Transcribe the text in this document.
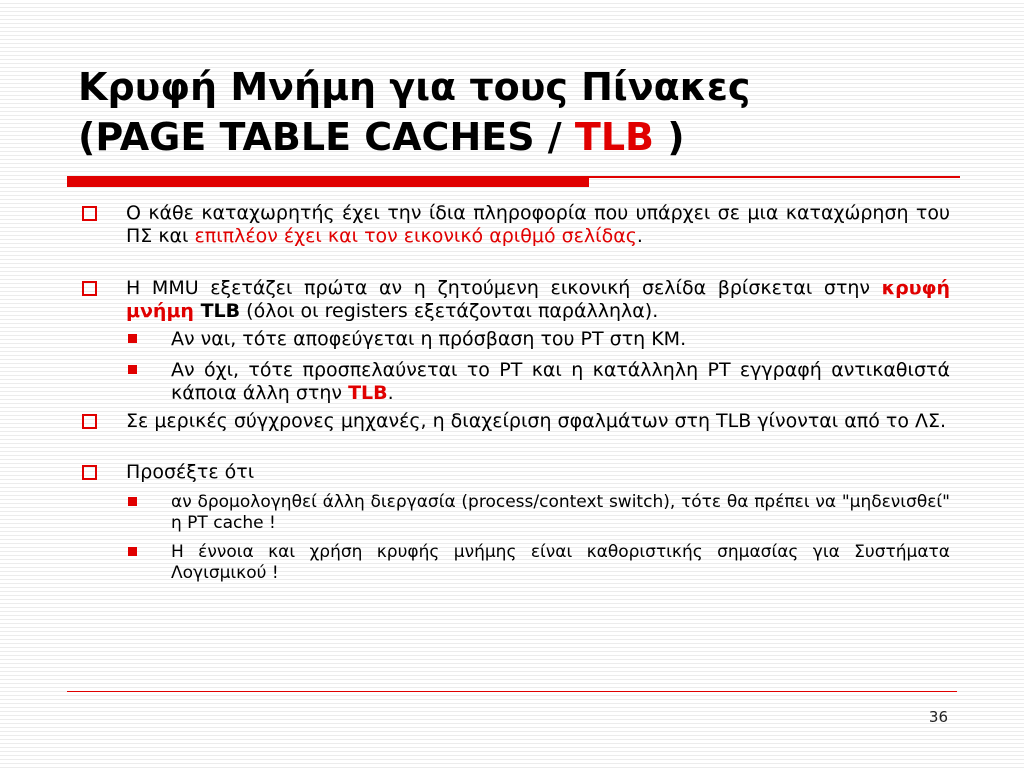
Κρυφή Μνήμη για τους Πίνακες
(PAGE TABLE CACHES / TLB )
Ο κάθε καταχωρητής έχει την ίδια πληροφορία που υπάρχει σε μια καταχώρηση του ΠΣ και επιπλέον έχει και τον εικονικό αριθμό σελίδας.
Η MMU εξετάζει πρώτα αν η ζητούμενη εικονική σελίδα βρίσκεται στην κρυφή μνήμη TLB (όλοι οι registers εξετάζονται παράλληλα).
Αν ναι, τότε αποφεύγεται η πρόσβαση του PT στη ΚΜ.
Αν όχι, τότε προσπελαύνεται το PT και η κατάλληλη PT εγγραφή αντικαθιστά κάποια άλλη στην TLB.
Σε μερικές σύγχρονες μηχανές, η διαχείριση σφαλμάτων στη TLB γίνονται από το ΛΣ.
Προσέξτε ότι
αν δρομολογηθεί άλλη διεργασία (process/context switch), τότε θα πρέπει να "μηδενισθεί" η PT cache !
Η έννοια και χρήση κρυφής μνήμης είναι καθοριστικής σημασίας για Συστήματα Λογισμικού !
36
